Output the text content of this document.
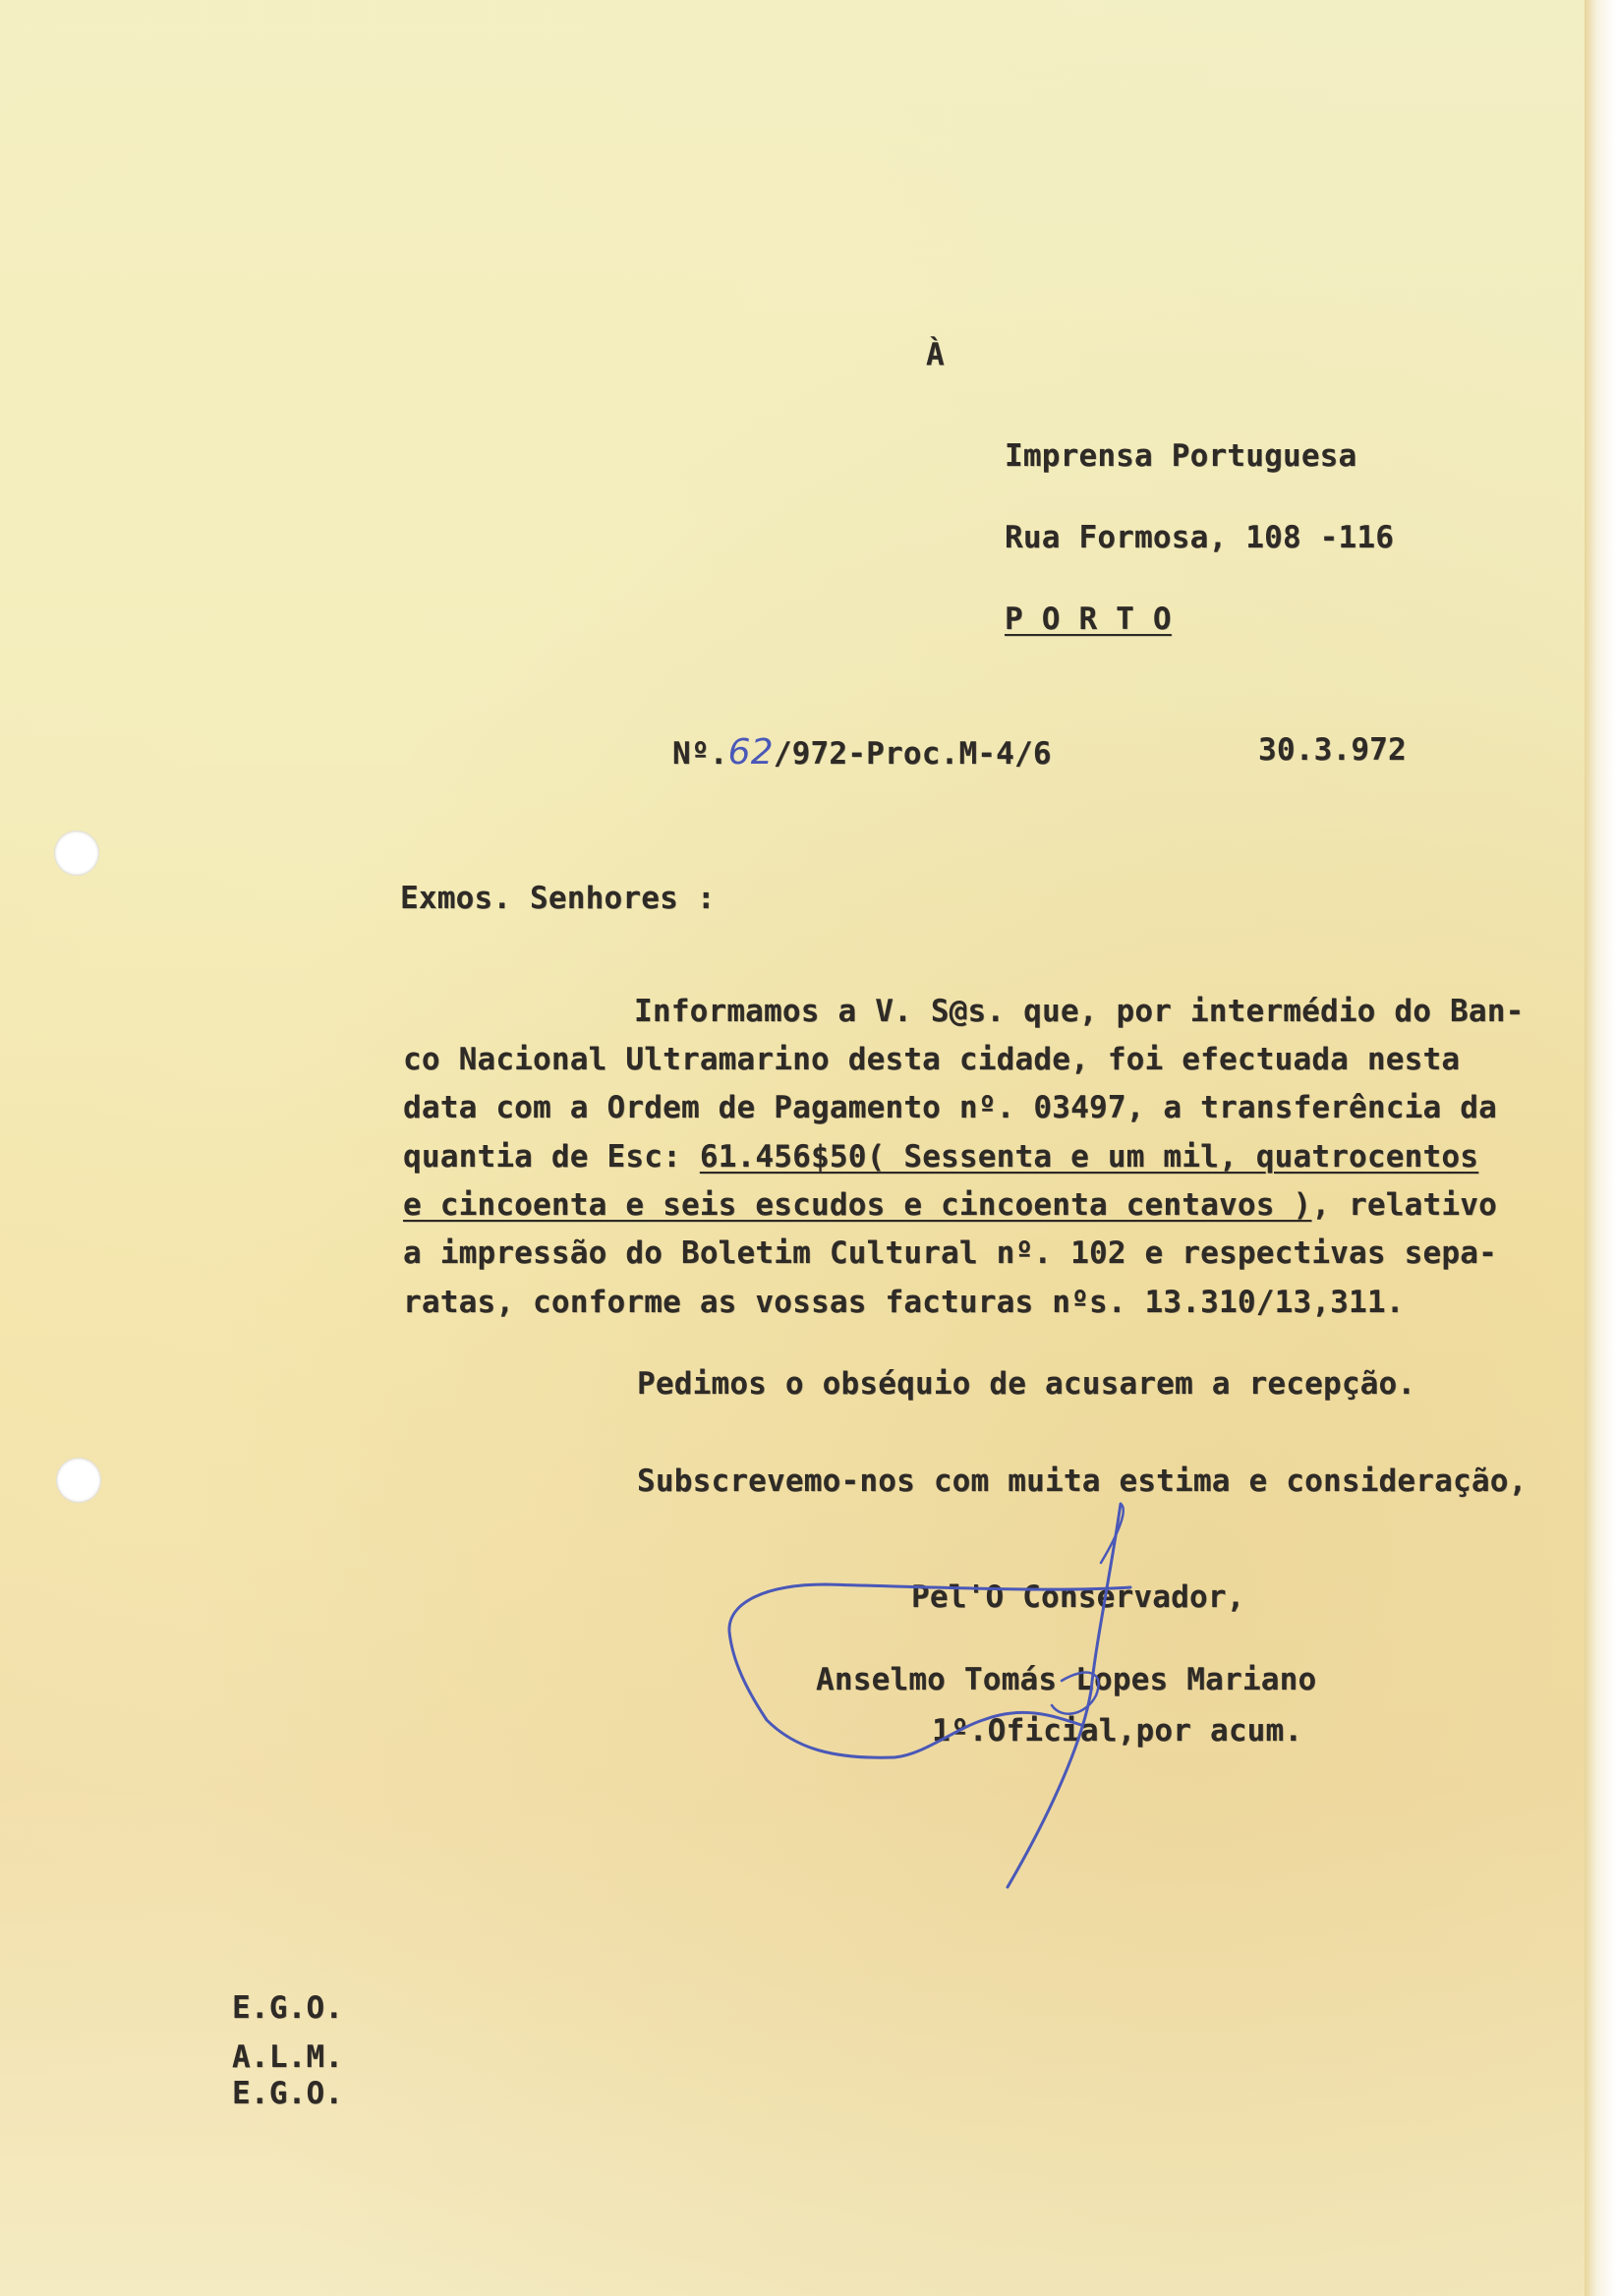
À
Imprensa Portuguesa
Rua Formosa, 108 -116
P O R T O
Nº.62/972-Proc.M-4/6	30.3.972
Exmos. Senhores :
Informamos a V. S@s. que, por intermédio do Ban-
co Nacional Ultramarino desta cidade, foi efectuada nesta
data com a Ordem de Pagamento nº. 03497, a transferência da
quantia de Esc: 61.456$50( Sessenta e um mil, quatrocentos
e cincoenta e seis escudos e cincoenta centavos ), relativo
a impressão do Boletim Cultural nº. 102 e respectivas sepa-
ratas, conforme as vossas facturas nºs. 13.310/13,311.
Pedimos o obséquio de acusarem a recepção.
Subscrevemo-nos com muita estima e consideração,
Pel'O Conservador,
Anselmo Tomás Lopes Mariano
1º.Oficial,por acum.
E.G.O.
A.L.M.
E.G.O.
